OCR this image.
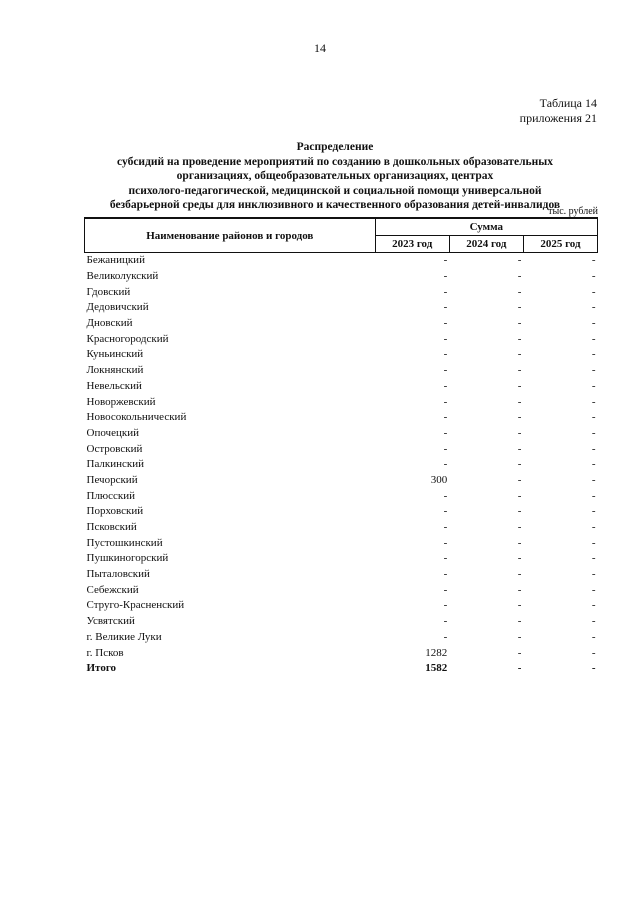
14
Таблица 14
приложения 21
Распределение
субсидий на проведение мероприятий по созданию в дошкольных образовательных
организациях, общеобразовательных организациях, центрах
психолого-педагогической, медицинской и социальной помощи универсальной
безбарьерной среды для инклюзивного и качественного образования детей-инвалидов
тыс. рублей
Наименование районов и городов	Сумма		
	2023 год	2024 год	2025 год
Бежаницкий	-	-	-
Великолукский	-	-	-
Гдовский	-	-	-
Дедовичский	-	-	-
Дновский	-	-	-
Красногородский	-	-	-
Куньинский	-	-	-
Локнянский	-	-	-
Невельский	-	-	-
Новоржевский	-	-	-
Новосокольнический	-	-	-
Опочецкий	-	-	-
Островский	-	-	-
Палкинский	-	-	-
Печорский	300	-	-
Плюсский	-	-	-
Порховский	-	-	-
Псковский	-	-	-
Пустошкинский	-	-	-
Пушкиногорский	-	-	-
Пыталовский	-	-	-
Себежский	-	-	-
Струго-Красненский	-	-	-
Усвятский	-	-	-
г. Великие Луки	-	-	-
г. Псков	1282	-	-
Итого	1582	-	-
